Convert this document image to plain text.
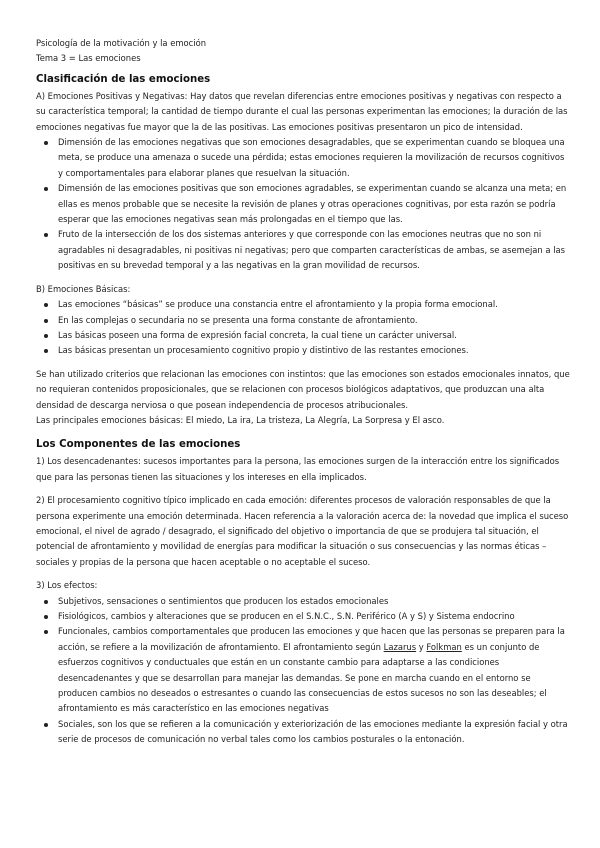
Psicología de la motivación y la emoción

Tema 3 = Las emociones

Clasificación de las emociones

A) Emociones Positivas y Negativas: Hay datos que revelan diferencias entre emociones positivas y negativas con respecto a su característica temporal; la cantidad de tiempo durante el cual las personas experimentan las emociones; la duración de las emociones negativas fue mayor que la de las positivas. Las emociones positivas presentaron un pico de intensidad.

Dimensión de las emociones negativas que son emociones desagradables, que se experimentan cuando se bloquea una meta, se produce una amenaza o sucede una pérdida; estas emociones requieren la movilización de recursos cognitivos y comportamentales para elaborar planes que resuelvan la situación.
Dimensión de las emociones positivas que son emociones agradables, se experimentan cuando se alcanza una meta; en ellas es menos probable que se necesite la revisión de planes y otras operaciones cognitivas, por esta razón se podría esperar que las emociones negativas sean más prolongadas en el tiempo que las.
Fruto de la intersección de los dos sistemas anteriores y que corresponde con las emociones neutras que no son ni agradables ni desagradables, ni positivas ni negativas; pero que comparten características de ambas, se asemejan a las positivas en su brevedad temporal y a las negativas en la gran movilidad de recursos.

B) Emociones Básicas:

Las emociones “básicas” se produce una constancia entre el afrontamiento y la propia forma emocional.
En las complejas o secundaria no se presenta una forma constante de afrontamiento.
Las básicas poseen una forma de expresión facial concreta, la cual tiene un carácter universal.
Las básicas presentan un procesamiento cognitivo propio y distintivo de las restantes emociones.

Se han utilizado criterios que relacionan las emociones con instintos: que las emociones son estados emocionales innatos, que no requieran contenidos proposicionales, que se relacionen con procesos biológicos adaptativos, que produzcan una alta densidad de descarga nerviosa o que posean independencia de procesos atribucionales.

Las principales emociones básicas: El miedo, La ira, La tristeza, La Alegría, La Sorpresa y El asco.

Los Componentes de las emociones

1) Los desencadenantes: sucesos importantes para la persona, las emociones surgen de la interacción entre los significados que para las personas tienen las situaciones y los intereses en ella implicados.

2) El procesamiento cognitivo típico implicado en cada emoción: diferentes procesos de valoración responsables de que la persona experimente una emoción determinada. Hacen referencia a la valoración acerca de: la novedad que implica el suceso emocional, el nivel de agrado / desagrado, el significado del objetivo o importancia de que se produjera tal situación, el potencial de afrontamiento y movilidad de energías para modificar la situación o sus consecuencias y las normas éticas – sociales y propias de la persona que hacen aceptable o no aceptable el suceso.

3) Los efectos:

Subjetivos, sensaciones o sentimientos que producen los estados emocionales
Fisiológicos, cambios y alteraciones que se producen en el S.N.C., S.N. Periférico (A y S) y Sistema endocrino
Funcionales, cambios comportamentales que producen las emociones y que hacen que las personas se preparen para la acción, se refiere a la movilización de afrontamiento. El afrontamiento según Lazarus y Folkman es un conjunto de esfuerzos cognitivos y conductuales que están en un constante cambio para adaptarse a las condiciones desencadenantes y que se desarrollan para manejar las demandas. Se pone en marcha cuando en el entorno se producen cambios no deseados o estresantes o cuando las consecuencias de estos sucesos no son las deseables; el afrontamiento es más característico en las emociones negativas
Sociales, son los que se refieren a la comunicación y exteriorización de las emociones mediante la expresión facial y otra serie de procesos de comunicación no verbal tales como los cambios posturales o la entonación.
